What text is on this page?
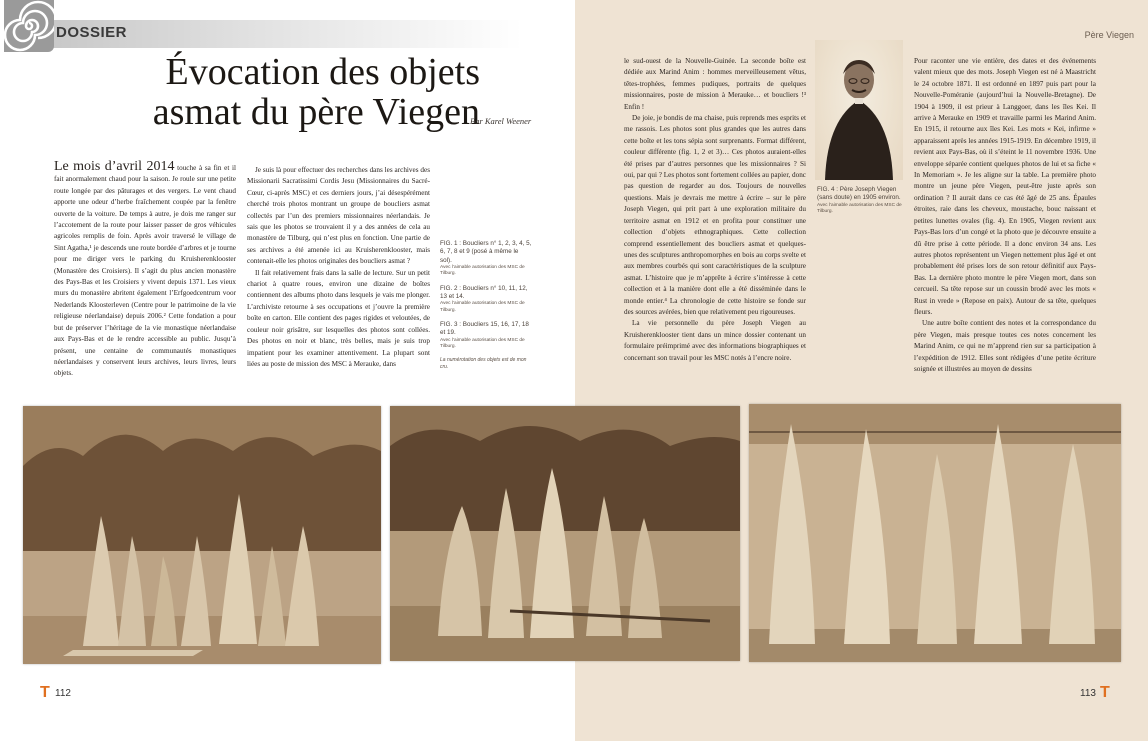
DOSSIER
Évocation des objets
asmat du père Viegen
Par Karel Weener

Le mois d’avril 2014 touche à sa fin et il fait anormalement chaud pour la saison. Je roule sur une petite route longée par des pâturages et des vergers. Le vent chaud apporte une odeur d’herbe fraîchement coupée par la fenêtre ouverte de la voiture. De temps à autre, je dois me ranger sur l’accotement de la route pour laisser passer de gros véhicules agricoles remplis de foin. Après avoir traversé le village de Sint Agatha,¹ je descends une route bordée d’arbres et je tourne pour me diriger vers le parking du Kruisherenklooster (Monastère des Croisiers). Il s’agit du plus ancien monastère des Pays-Bas et les Croisiers y vivent depuis 1371. Les vieux murs du monastère abritent également l’Erfgoedcentrum voor Nederlands Kloosterleven (Centre pour le patrimoine de la vie religieuse néerlandaise) depuis 2006.² Cette fondation a pour but de préserver l’héritage de la vie monastique néerlandaise aux Pays-Bas et de le rendre accessible au public. Jusqu’à présent, une centaine de communautés monastiques néerlandaises y conservent leurs archives, leurs livres, leurs objets.

Je suis là pour effectuer des recherches dans les archives des Missionarii Sacratissimi Cordis Jesu (Missionnaires du Sacré-Cœur, ci-après MSC) et ces derniers jours, j’ai désespérément cherché trois photos montrant un groupe de boucliers asmat collectés par l’un des premiers missionnaires néerlandais. Je sais que les photos se trouvaient il y a des années de cela au monastère de Tilburg, qui n’est plus en fonction. Une partie de ses archives a été amenée ici au Kruisherenklooster, mais contenait-elle les photos originales des boucliers asmat ?

Il fait relativement frais dans la salle de lecture. Sur un petit chariot à quatre roues, environ une dizaine de boîtes contiennent des albums photo dans lesquels je vais me plonger. L’archiviste retourne à ses occupations et j’ouvre la première boîte en carton. Elle contient des pages rigides et veloutées, de couleur noir grisâtre, sur lesquelles des photos sont collées. Des photos en noir et blanc, très belles, mais je suis trop impatient pour les examiner attentivement. La plupart sont liées au poste de mission des MSC à Merauke, dans

FIG. 1 : Boucliers n° 1, 2, 3, 4, 5, 6, 7, 8 et 9 (posé à même le sol).
Avec l’aimable autorisation des MSC de Tilburg.
FIG. 2 : Boucliers n° 10, 11, 12, 13 et 14.
Avec l’aimable autorisation des MSC de Tilburg.
FIG. 3 : Boucliers 15, 16, 17, 18 et 19.
Avec l’aimable autorisation des MSC de Tilburg.
La numérotation des objets est de mon cru.
Père Viegen

le sud-ouest de la Nouvelle-Guinée. La seconde boîte est dédiée aux Marind Anim : hommes merveilleusement vêtus, têtes-trophées, femmes pudiques, portraits de quelques missionnaires, poste de mission à Merauke… et boucliers !³ Enfin !

De joie, je bondis de ma chaise, puis reprends mes esprits et me rassois. Les photos sont plus grandes que les autres dans cette boîte et les tons sépia sont surprenants. Format différent, couleur différente (fig. 1, 2 et 3)… Ces photos auraient-elles été prises par d’autres personnes que les missionnaires ? Si oui, par qui ? Les photos sont fortement collées au papier, donc pas question de regarder au dos. Toujours de nouvelles questions. Mais je devrais me mettre à écrire – sur le père Joseph Viegen, qui prit part à une exploration militaire du territoire asmat en 1912 et en profita pour constituer une collection d’objets ethnographiques. Cette collection comprend essentiellement des boucliers asmat et quelques-unes des sculptures anthropomorphes en bois au corps svelte et aux membres courbés qui sont caractéristiques de la sculpture asmat. L’histoire que je m’apprête à écrire s’intéresse à cette collection et à la manière dont elle a été disséminée dans le monde entier.⁴ La chronologie de cette histoire se fonde sur des sources avérées, bien que relativement peu rigoureuses.

La vie personnelle du père Joseph Viegen au Kruisherenklooster tient dans un mince dossier contenant un formulaire préimprimé avec des informations biographiques et concernant son travail pour les MSC notés à l’encre noire.

FIG. 4 : Père Joseph Viegen (sans doute) en 1905 environ.
Avec l’aimable autorisation des MSC de Tilburg.

Pour raconter une vie entière, des dates et des événements valent mieux que des mots. Joseph Viegen est né à Maastricht le 24 octobre 1871. Il est ordonné en 1897 puis part pour la Nouvelle-Poméranie (aujourd’hui la Nouvelle-Bretagne). De 1904 à 1909, il est prieur à Langgoer, dans les îles Kei. Il arrive à Merauke en 1909 et travaille parmi les Marind Anim. En 1915, il retourne aux îles Kei. Les mots « Kei, infirme » apparaissent après les années 1915-1919. En décembre 1919, il revient aux Pays-Bas, où il s’éteint le 11 novembre 1936. Une enveloppe séparée contient quelques photos de lui et sa fiche « In Memoriam ». Je les aligne sur la table. La première photo montre un jeune père Viegen, peut-être juste après son ordination ? Il aurait dans ce cas été âgé de 25 ans. Épaules étroites, raie dans les cheveux, moustache, bouc naissant et petites lunettes ovales (fig. 4). En 1905, Viegen revient aux Pays-Bas lors d’un congé et la photo que je découvre ensuite a dû être prise à cette période. Il a donc environ 34 ans. Les autres photos représentent un Viegen nettement plus âgé et ont probablement été prises lors de son retour définitif aux Pays-Bas. La dernière photo montre le père Viegen mort, dans son cercueil. Sa tête repose sur un coussin brodé avec les mots « Rust in vrede » (Repose en paix). Autour de sa tête, quelques fleurs.

Une autre boîte contient des notes et la correspondance du père Viegen, mais presque toutes ces notes concernent les Marind Anim, ce qui ne m’apprend rien sur sa participation à l’expédition de 1912. Elles sont rédigées d’une petite écriture soignée et illustrées au moyen de dessins

T 112	113 T
